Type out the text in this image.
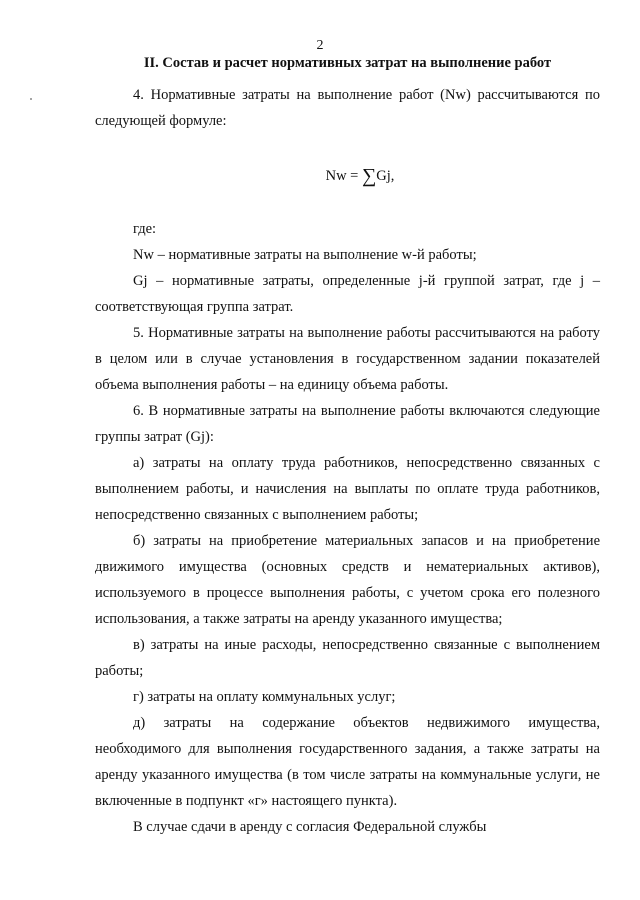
2
II. Состав и расчет нормативных затрат на выполнение работ

4. Нормативные затраты на выполнение работ (Nw) рассчитываются по следующей формуле:

Nw = ∑Gj,

где:

Nw – нормативные затраты на выполнение w-й работы;

Gj – нормативные затраты, определенные j-й группой затрат, где j – соответствующая группа затрат.

5. Нормативные затраты на выполнение работы рассчитываются на работу в целом или в случае установления в государственном задании показателей объема выполнения работы – на единицу объема работы.

6. В нормативные затраты на выполнение работы включаются следующие группы затрат (Gj):

а) затраты на оплату труда работников, непосредственно связанных с выполнением работы, и начисления на выплаты по оплате труда работников, непосредственно связанных с выполнением работы;

б) затраты на приобретение материальных запасов и на приобретение движимого имущества (основных средств и нематериальных активов), используемого в процессе выполнения работы, с учетом срока его полезного использования, а также затраты на аренду указанного имущества;

в) затраты на иные расходы, непосредственно связанные с выполнением работы;

г) затраты на оплату коммунальных услуг;

д) затраты на содержание объектов недвижимого имущества, необходимого для выполнения государственного задания, а также затраты на аренду указанного имущества (в том числе затраты на коммунальные услуги, не включенные в подпункт «г» настоящего пункта).

В случае сдачи в аренду с согласия Федеральной службы
